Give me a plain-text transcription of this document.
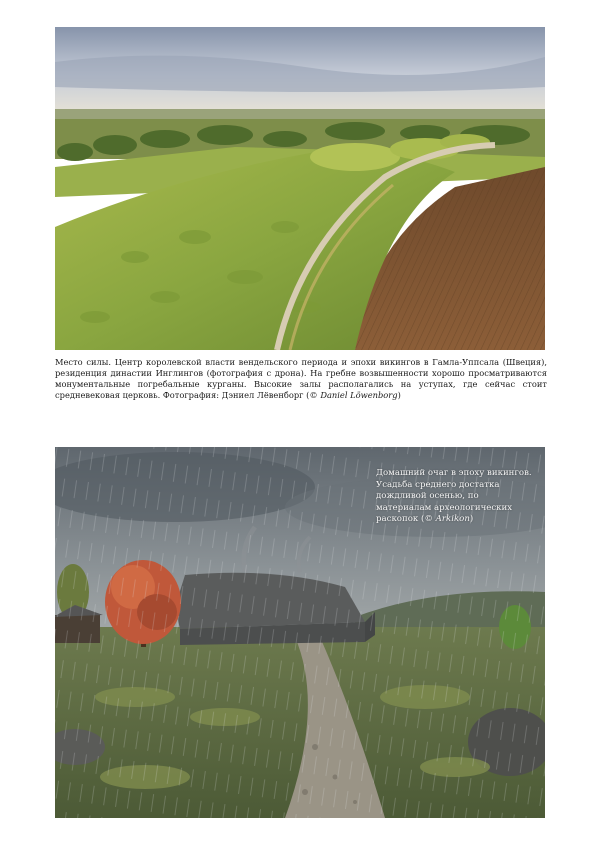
Место силы. Центр королевской власти вендельского периода и эпохи викингов в Гамла-Уппсала (Швеция), резиденция династии Инглингов (фотография с дрона). На гребне возвышенности хорошо просматриваются монументальные погребальные курганы. Высокие залы располагались на уступах, где сейчас стоит средневековая церковь. Фотография: Дэниел Лёвенборг (© Daniel Löwenborg)
Домашний очаг в эпоху викингов. Усадьба среднего достатка дождливой осенью, по материалам археологических раскопок (© Arkikon)
